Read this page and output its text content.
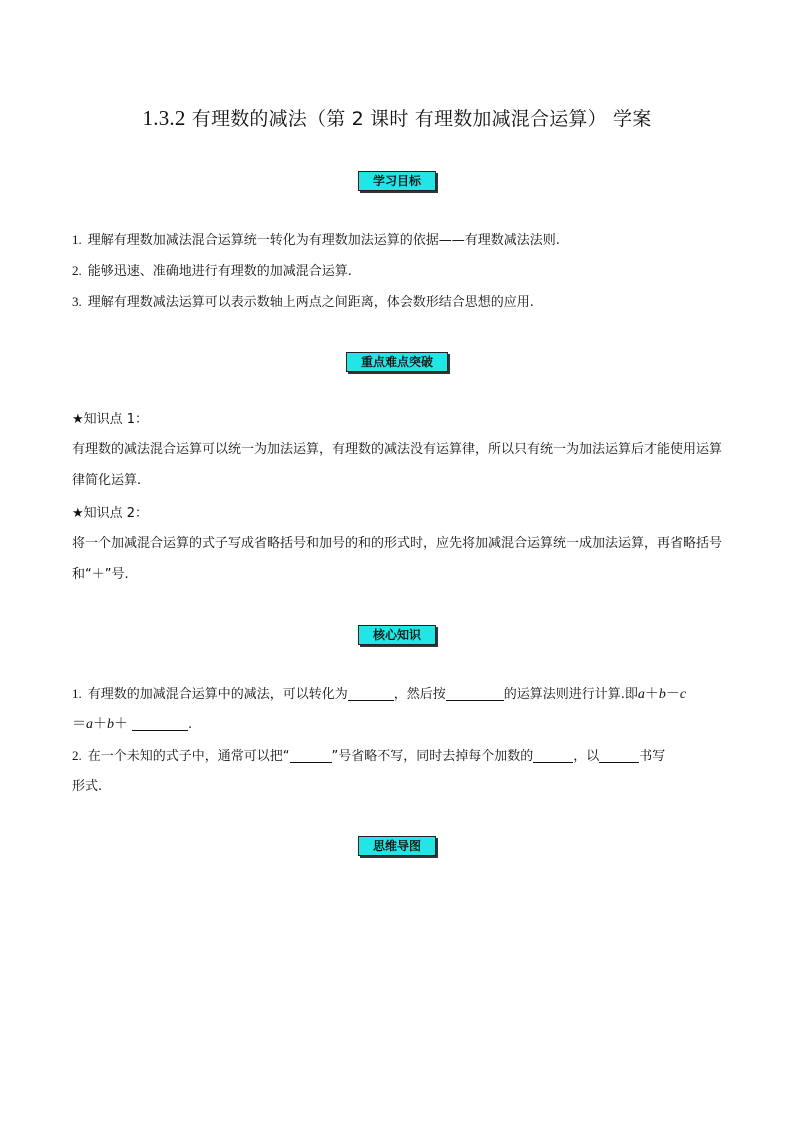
1.3.2 有理数的减法（第 2 课时 有理数加减混合运算） 学案
学习目标
1. 理解有理数加减法混合运算统一转化为有理数加法运算的依据——有理数减法法则.
2. 能够迅速、准确地进行有理数的加减混合运算.
3. 理解有理数减法运算可以表示数轴上两点之间距离，体会数形结合思想的应用.
重点难点突破
★知识点 1：
有理数的减法混合运算可以统一为加法运算，有理数的减法没有运算律，所以只有统一为加法运算后才能使用运算律简化运算.
★知识点 2：
将一个加减混合运算的式子写成省略括号和加号的和的形式时，应先将加减混合运算统一成加法运算，再省略括号和“＋”号.
核心知识
1. 有理数的加减混合运算中的减法，可以转化为	，然后按	的运算法则进行计算.即a＋b－c
＝a＋b＋	.
2. 在一个未知的式子中，通常可以把“	”号省略不写，同时去掉每个加数的	，以	书写
形式.
思维导图
